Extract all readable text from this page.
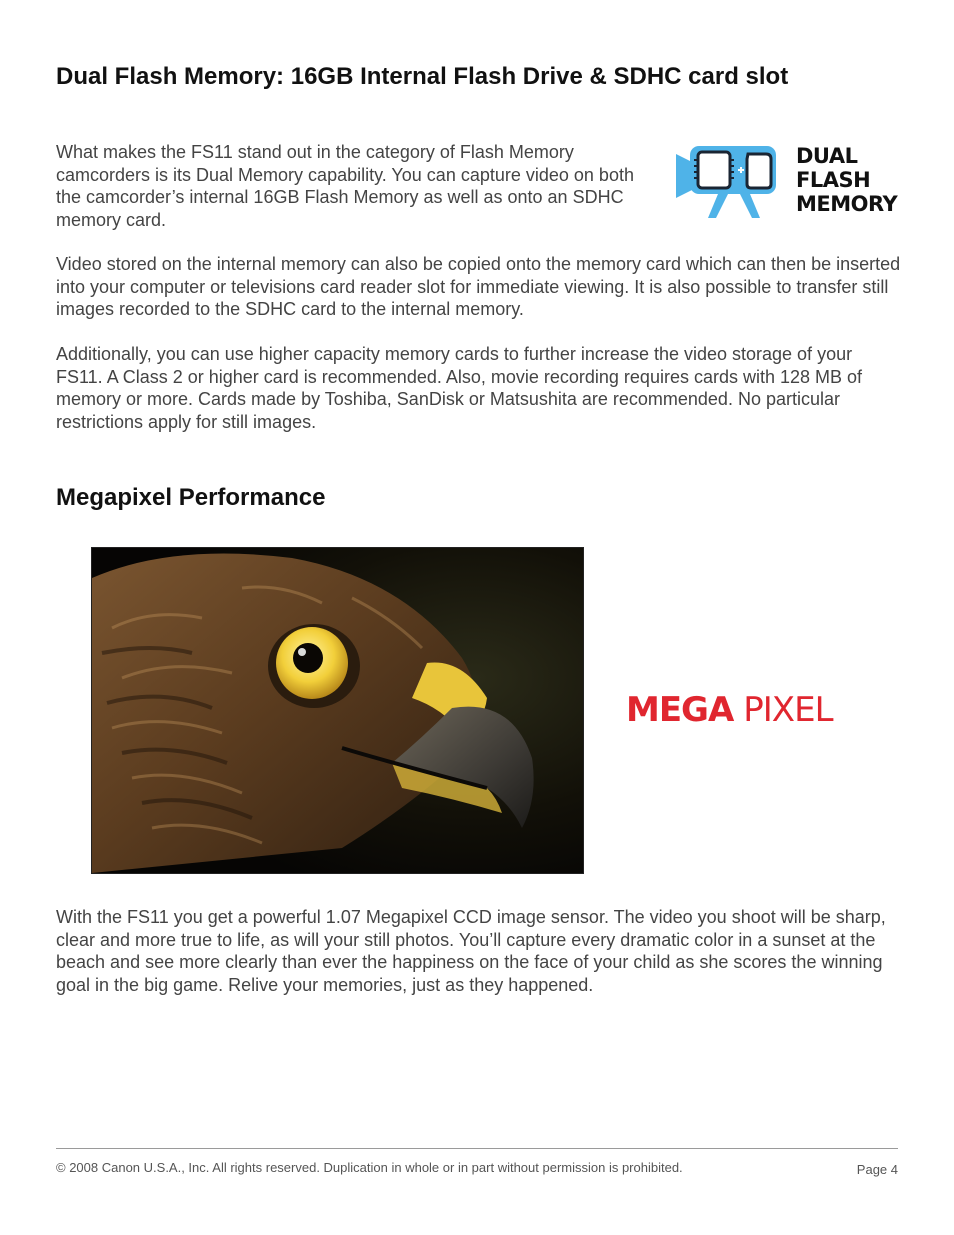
Dual Flash Memory: 16GB Internal Flash Drive & SDHC card slot

What makes the FS11 stand out in the category of Flash Memory camcorders is its Dual Memory capability. You can capture video on both the camcorder’s internal 16GB Flash Memory as well as onto an SDHC memory card.

DUAL
FLASH
MEMORY

Video stored on the internal memory can also be copied onto the memory card which can then be inserted into your computer or televisions card reader slot for immediate viewing. It is also possible to transfer still images recorded to the SDHC card to the internal memory.

Additionally, you can use higher capacity memory cards to further increase the video storage of your FS11. A Class 2 or higher card is recommended. Also, movie recording requires cards with 128 MB of memory or more. Cards made by Toshiba, SanDisk or Matsushita are recommended. No particular restrictions apply for still images.

Megapixel Performance
MEGA PIXEL

With the FS11 you get a powerful 1.07 Megapixel CCD image sensor. The video you shoot will be sharp, clear and more true to life, as will your still photos. You’ll capture every dramatic color in a sunset at the beach and see more clearly than ever the happiness on the face of your child as she scores the winning goal in the big game. Relive your memories, just as they happened.

© 2008 Canon U.S.A., Inc. All rights reserved. Duplication in whole or in part without permission is prohibited.	Page 4
